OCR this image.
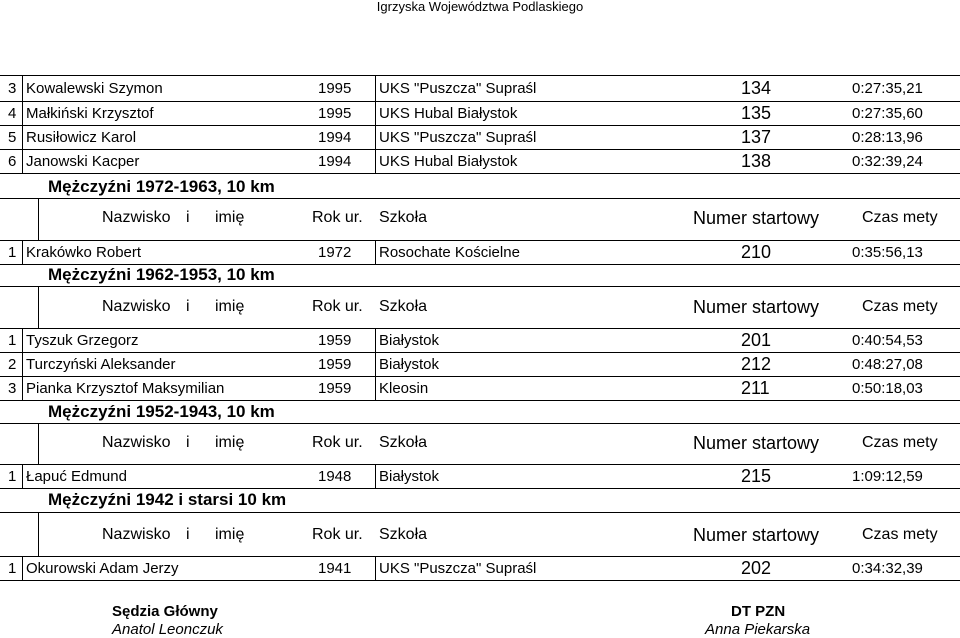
Igrzyska Województwa Podlaskiego
3 Kowalewski Szymon	1995 UKS "Puszcza" Supraśl	134	0:27:35,21
4 Małkiński Krzysztof	1995 UKS Hubal Białystok	135	0:27:35,60
5 Rusiłowicz Karol	1994 UKS "Puszcza" Supraśl	137	0:28:13,96
6 Janowski Kacper	1994 UKS Hubal Białystok	138	0:32:39,24
Mężczyźni 1972-1963, 10 km
Nazwisko i imię	Rok ur. Szkoła	Numer startowy	Czas mety
1 Krakówko Robert	1972 Rosochate Kościelne	210	0:35:56,13
Mężczyźni 1962-1953, 10 km
Nazwisko i imię	Rok ur. Szkoła	Numer startowy	Czas mety
1 Tyszuk Grzegorz	1959 Białystok	201	0:40:54,53
2 Turczyński Aleksander	1959 Białystok	212	0:48:27,08
3 Pianka Krzysztof Maksymilian	1959 Kleosin	211	0:50:18,03
Mężczyźni 1952-1943, 10 km
Nazwisko i imię	Rok ur. Szkoła	Numer startowy	Czas mety
1 Łapuć Edmund	1948 Białystok	215	1:09:12,59
Mężczyźni 1942 i starsi 10 km
Nazwisko i imię	Rok ur. Szkoła	Numer startowy	Czas mety
1 Okurowski Adam Jerzy	1941 UKS "Puszcza" Supraśl	202	0:34:32,39
Sędzia Główny
Anatol Leonczuk
DT PZN
Anna Piekarska
